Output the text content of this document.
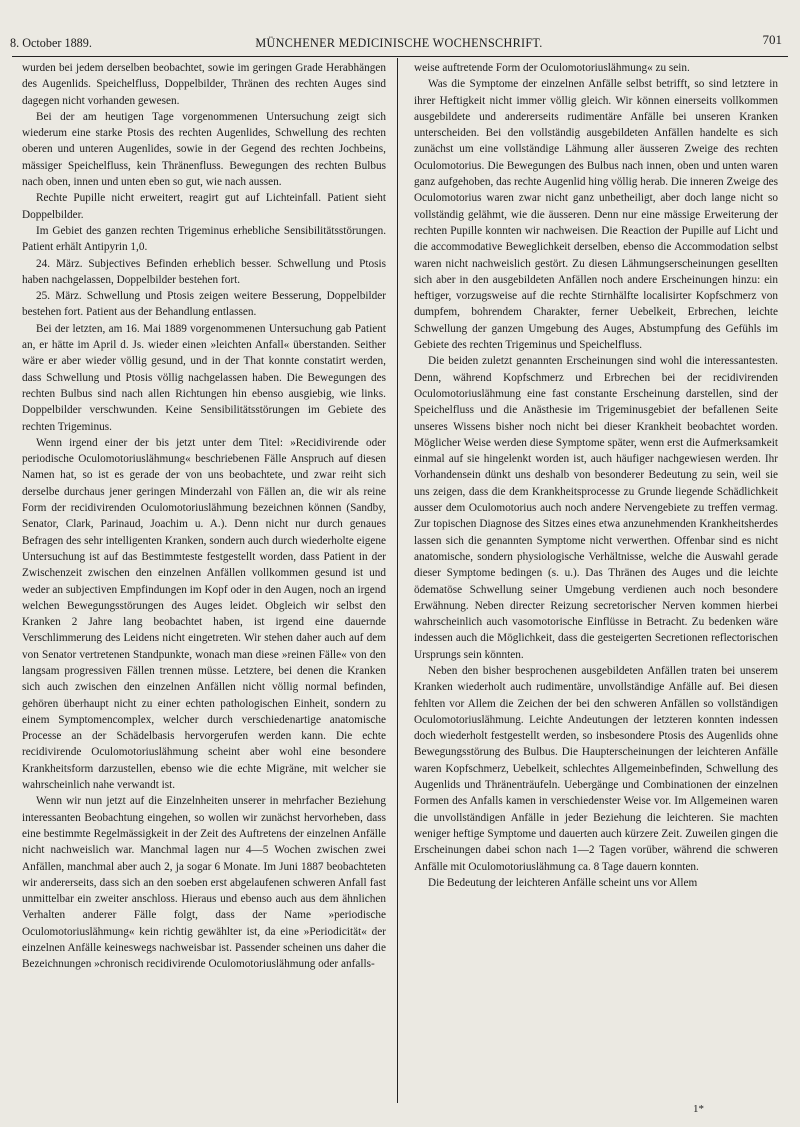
8. October 1889.	MÜNCHENER MEDICINISCHE WOCHENSCHRIFT.	701

wurden bei jedem derselben beobachtet, sowie im geringen Grade Herabhängen des Augenlids. Speichelfluss, Doppelbilder, Thränen des rechten Auges sind dagegen nicht vorhanden gewesen.

Bei der am heutigen Tage vorgenommenen Untersuchung zeigt sich wiederum eine starke Ptosis des rechten Augenlides, Schwellung des rechten oberen und unteren Augenlides, sowie in der Gegend des rechten Jochbeins, mässiger Speichelfluss, kein Thränenfluss. Bewegungen des rechten Bulbus nach oben, innen und unten eben so gut, wie nach aussen.

Rechte Pupille nicht erweitert, reagirt gut auf Lichteinfall. Patient sieht Doppelbilder.

Im Gebiet des ganzen rechten Trigeminus erhebliche Sensibilitätsstörungen. Patient erhält Antipyrin 1,0.

24. März. Subjectives Befinden erheblich besser. Schwellung und Ptosis haben nachgelassen, Doppelbilder bestehen fort.

25. März. Schwellung und Ptosis zeigen weitere Besserung, Doppelbilder bestehen fort. Patient aus der Behandlung entlassen.

Bei der letzten, am 16. Mai 1889 vorgenommenen Untersuchung gab Patient an, er hätte im April d. Js. wieder einen »leichten Anfall« überstanden. Seither wäre er aber wieder völlig gesund, und in der That konnte constatirt werden, dass Schwellung und Ptosis völlig nachgelassen haben. Die Bewegungen des rechten Bulbus sind nach allen Richtungen hin ebenso ausgiebig, wie links. Doppelbilder verschwunden. Keine Sensibilitätsstörungen im Gebiete des rechten Trigeminus.

Wenn irgend einer der bis jetzt unter dem Titel: »Recidivirende oder periodische Oculomotoriuslähmung« beschriebenen Fälle Anspruch auf diesen Namen hat, so ist es gerade der von uns beobachtete, und zwar reiht sich derselbe durchaus jener geringen Minderzahl von Fällen an, die wir als reine Form der recidivirenden Oculomotoriuslähmung bezeichnen können (Sandby, Senator, Clark, Parinaud, Joachim u. A.). Denn nicht nur durch genaues Befragen des sehr intelligenten Kranken, sondern auch durch wiederholte eigene Untersuchung ist auf das Bestimmteste festgestellt worden, dass Patient in der Zwischenzeit zwischen den einzelnen Anfällen vollkommen gesund ist und weder an subjectiven Empfindungen im Kopf oder in den Augen, noch an irgend welchen Bewegungsstörungen des Auges leidet. Obgleich wir selbst den Kranken 2 Jahre lang beobachtet haben, ist irgend eine dauernde Verschlimmerung des Leidens nicht eingetreten. Wir stehen daher auch auf dem von Senator vertretenen Standpunkte, wonach man diese »reinen Fälle« von den langsam progressiven Fällen trennen müsse. Letztere, bei denen die Kranken sich auch zwischen den einzelnen Anfällen nicht völlig normal befinden, gehören überhaupt nicht zu einer echten pathologischen Einheit, sondern zu einem Symptomencomplex, welcher durch verschiedenartige anatomische Processe an der Schädelbasis hervorgerufen werden kann. Die echte recidivirende Oculomotoriuslähmung scheint aber wohl eine besondere Krankheitsform darzustellen, ebenso wie die echte Migräne, mit welcher sie wahrscheinlich nahe verwandt ist.

Wenn wir nun jetzt auf die Einzelnheiten unserer in mehrfacher Beziehung interessanten Beobachtung eingehen, so wollen wir zunächst hervorheben, dass eine bestimmte Regelmässigkeit in der Zeit des Auftretens der einzelnen Anfälle nicht nachweislich war. Manchmal lagen nur 4—5 Wochen zwischen zwei Anfällen, manchmal aber auch 2, ja sogar 6 Monate. Im Juni 1887 beobachteten wir andererseits, dass sich an den soeben erst abgelaufenen schweren Anfall fast unmittelbar ein zweiter anschloss. Hieraus und ebenso auch aus dem ähnlichen Verhalten anderer Fälle folgt, dass der Name »periodische Oculomotoriuslähmung« kein richtig gewählter ist, da eine »Periodicität« der einzelnen Anfälle keineswegs nachweisbar ist. Passender scheinen uns daher die Bezeichnungen »chronisch recidivirende Oculomotoriuslähmung oder anfalls-

weise auftretende Form der Oculomotoriuslähmung« zu sein.

Was die Symptome der einzelnen Anfälle selbst betrifft, so sind letztere in ihrer Heftigkeit nicht immer völlig gleich. Wir können einerseits vollkommen ausgebildete und andererseits rudimentäre Anfälle bei unseren Kranken unterscheiden. Bei den vollständig ausgebildeten Anfällen handelte es sich zunächst um eine vollständige Lähmung aller äusseren Zweige des rechten Oculomotorius. Die Bewegungen des Bulbus nach innen, oben und unten waren ganz aufgehoben, das rechte Augenlid hing völlig herab. Die inneren Zweige des Oculomotorius waren zwar nicht ganz unbetheiligt, aber doch lange nicht so vollständig gelähmt, wie die äusseren. Denn nur eine mässige Erweiterung der rechten Pupille konnten wir nachweisen. Die Reaction der Pupille auf Licht und die accommodative Beweglichkeit derselben, ebenso die Accommodation selbst waren nicht nachweislich gestört. Zu diesen Lähmungserscheinungen gesellten sich aber in den ausgebildeten Anfällen noch andere Erscheinungen hinzu: ein heftiger, vorzugsweise auf die rechte Stirnhälfte localisirter Kopfschmerz von dumpfem, bohrendem Charakter, ferner Uebelkeit, Erbrechen, leichte Schwellung der ganzen Umgebung des Auges, Abstumpfung des Gefühls im Gebiete des rechten Trigeminus und Speichelfluss.

Die beiden zuletzt genannten Erscheinungen sind wohl die interessantesten. Denn, während Kopfschmerz und Erbrechen bei der recidivirenden Oculomotoriuslähmung eine fast constante Erscheinung darstellen, sind der Speichelfluss und die Anästhesie im Trigeminusgebiet der befallenen Seite unseres Wissens bisher noch nicht bei dieser Krankheit beobachtet worden. Möglicher Weise werden diese Symptome später, wenn erst die Aufmerksamkeit einmal auf sie hingelenkt worden ist, auch häufiger nachgewiesen werden. Ihr Vorhandensein dünkt uns deshalb von besonderer Bedeutung zu sein, weil sie uns zeigen, dass die dem Krankheitsprocesse zu Grunde liegende Schädlichkeit ausser dem Oculomotorius auch noch andere Nervengebiete zu treffen vermag. Zur topischen Diagnose des Sitzes eines etwa anzunehmenden Krankheitsherdes lassen sich die genannten Symptome nicht verwerthen. Offenbar sind es nicht anatomische, sondern physiologische Verhältnisse, welche die Auswahl gerade dieser Symptome bedingen (s. u.). Das Thränen des Auges und die leichte ödematöse Schwellung seiner Umgebung verdienen auch noch besondere Erwähnung. Neben directer Reizung secretorischer Nerven kommen hierbei wahrscheinlich auch vasomotorische Einflüsse in Betracht. Zu bedenken wäre indessen auch die Möglichkeit, dass die gesteigerten Secretionen reflectorischen Ursprungs sein könnten.

Neben den bisher besprochenen ausgebildeten Anfällen traten bei unserem Kranken wiederholt auch rudimentäre, unvollständige Anfälle auf. Bei diesen fehlten vor Allem die Zeichen der bei den schweren Anfällen so vollständigen Oculomotoriuslähmung. Leichte Andeutungen der letzteren konnten indessen doch wiederholt festgestellt werden, so insbesondere Ptosis des Augenlids ohne Bewegungsstörung des Bulbus. Die Haupterscheinungen der leichteren Anfälle waren Kopfschmerz, Uebelkeit, schlechtes Allgemeinbefinden, Schwellung des Augenlids und Thränenträufeln. Uebergänge und Combinationen der einzelnen Formen des Anfalls kamen in verschiedenster Weise vor. Im Allgemeinen waren die unvollständigen Anfälle in jeder Beziehung die leichteren. Sie machten weniger heftige Symptome und dauerten auch kürzere Zeit. Zuweilen gingen die Erscheinungen dabei schon nach 1—2 Tagen vorüber, während die schweren Anfälle mit Oculomotoriuslähmung ca. 8 Tage dauern konnten.

Die Bedeutung der leichteren Anfälle scheint uns vor Allem

1*
